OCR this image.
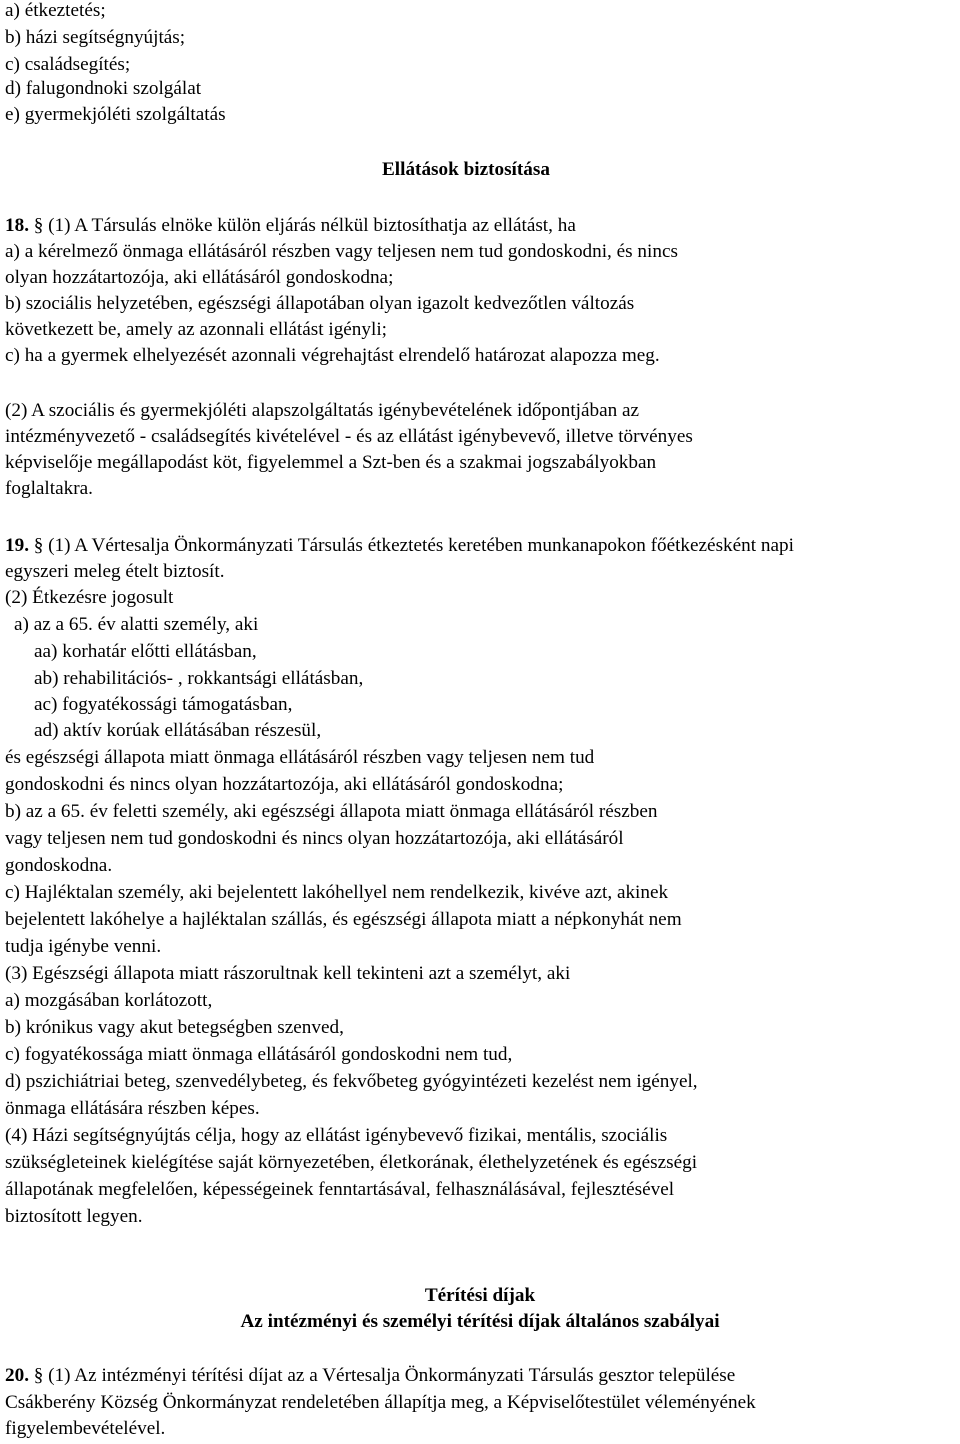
a) étkeztetés;
b) házi segítségnyújtás;
c) családsegítés;
d) falugondnoki szolgálat
e) gyermekjóléti szolgáltatás
Ellátások biztosítása
18. § (1) A Társulás elnöke külön eljárás nélkül biztosíthatja az ellátást, ha
a) a kérelmező önmaga ellátásáról részben vagy teljesen nem tud gondoskodni, és nincs
olyan hozzátartozója, aki ellátásáról gondoskodna;
b) szociális helyzetében, egészségi állapotában olyan igazolt kedvezőtlen változás
következett be, amely az azonnali ellátást igényli;
c) ha a gyermek elhelyezését azonnali végrehajtást elrendelő határozat alapozza meg.
(2) A szociális és gyermekjóléti alapszolgáltatás igénybevételének időpontjában az
intézményvezető - családsegítés kivételével - és az ellátást igénybevevő, illetve törvényes
képviselője megállapodást köt, figyelemmel a Szt-ben és a szakmai jogszabályokban
foglaltakra.
19. § (1) A Vértesalja Önkormányzati Társulás étkeztetés keretében munkanapokon főétkezésként napi
egyszeri meleg ételt biztosít.
(2) Étkezésre jogosult
a) az a 65. év alatti személy, aki
aa) korhatár előtti ellátásban,
ab) rehabilitációs- , rokkantsági ellátásban,
ac) fogyatékossági támogatásban,
ad) aktív korúak ellátásában részesül,
és egészségi állapota miatt önmaga ellátásáról részben vagy teljesen nem tud
gondoskodni és nincs olyan hozzátartozója, aki ellátásáról gondoskodna;
b) az a 65. év feletti személy, aki egészségi állapota miatt önmaga ellátásáról részben
vagy teljesen nem tud gondoskodni és nincs olyan hozzátartozója, aki ellátásáról
gondoskodna.
c) Hajléktalan személy, aki bejelentett lakóhellyel nem rendelkezik, kivéve azt, akinek
bejelentett lakóhelye a hajléktalan szállás, és egészségi állapota miatt a népkonyhát nem
tudja igénybe venni.
(3) Egészségi állapota miatt rászorultnak kell tekinteni azt a személyt, aki
a) mozgásában korlátozott,
b) krónikus vagy akut betegségben szenved,
c) fogyatékossága miatt önmaga ellátásáról gondoskodni nem tud,
d) pszichiátriai beteg, szenvedélybeteg, és fekvőbeteg gyógyintézeti kezelést nem igényel,
önmaga ellátására részben képes.
(4) Házi segítségnyújtás célja, hogy az ellátást igénybevevő fizikai, mentális, szociális
szükségleteinek kielégítése saját környezetében, életkorának, élethelyzetének és egészségi
állapotának megfelelően, képességeinek fenntartásával, felhasználásával, fejlesztésével
biztosított legyen.
Térítési díjak
Az intézményi és személyi térítési díjak általános szabályai
20. § (1) Az intézményi térítési díjat az a Vértesalja Önkormányzati Társulás gesztor települése
Csákberény Község Önkormányzat rendeletében állapítja meg, a Képviselőtestület véleményének
figyelembevételével.
